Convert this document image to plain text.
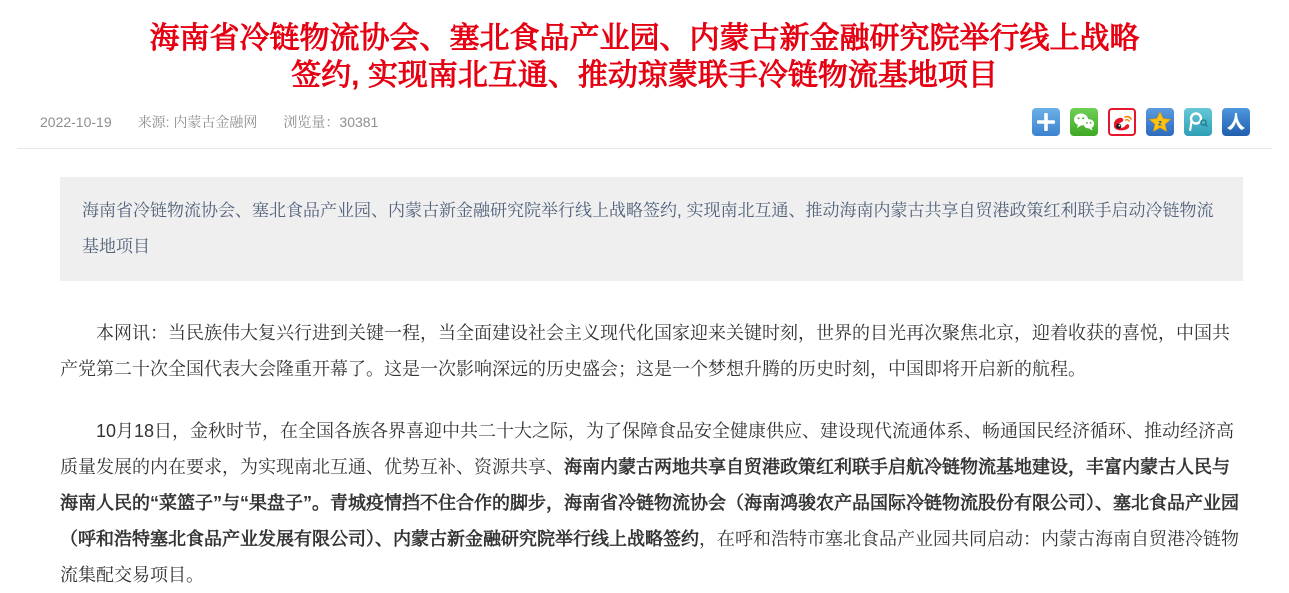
海南省冷链物流协会、塞北食品产业园、内蒙古新金融研究院举行线上战略签约, 实现南北互通、推动琼蒙联手冷链物流基地项目
2022-10-19 来源: 内蒙古金融网 浏览量：30381	z
海南省冷链物流协会、塞北食品产业园、内蒙古新金融研究院举行线上战略签约, 实现南北互通、推动海南内蒙古共享自贸港政策红利联手启动冷链物流基地项目

本网讯：当民族伟大复兴行进到关键一程，当全面建设社会主义现代化国家迎来关键时刻，世界的目光再次聚焦北京，迎着收获的喜悦，中国共产党第二十次全国代表大会隆重开幕了。这是一次影响深远的历史盛会；这是一个梦想升腾的历史时刻，中国即将开启新的航程。

10月18日，金秋时节，在全国各族各界喜迎中共二十大之际，为了保障食品安全健康供应、建设现代流通体系、畅通国民经济循环、推动经济高质量发展的内在要求，为实现南北互通、优势互补、资源共享、海南内蒙古两地共享自贸港政策红利联手启航冷链物流基地建设，丰富内蒙古人民与海南人民的“菜篮子”与“果盘子”。青城疫情挡不住合作的脚步，海南省冷链物流协会（海南鸿骏农产品国际冷链物流股份有限公司）、塞北食品产业园（呼和浩特塞北食品产业发展有限公司）、内蒙古新金融研究院举行线上战略签约，在呼和浩特市塞北食品产业园共同启动：内蒙古海南自贸港冷链物流集配交易项目。
